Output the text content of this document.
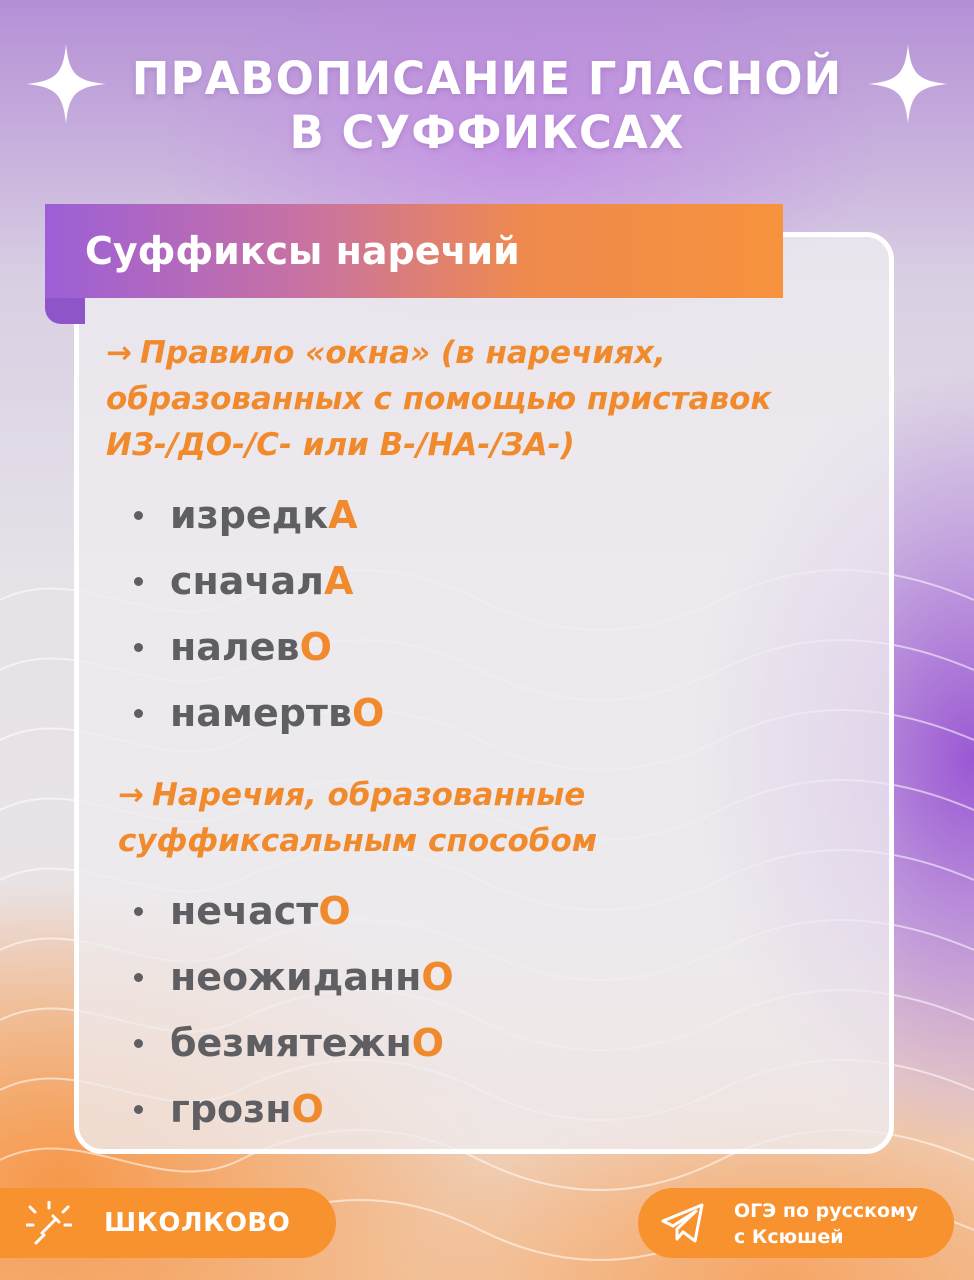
ПРАВОПИСАНИЕ ГЛАСНОЙ
В СУФФИКСАХ
Суффиксы наречий
→ Правило «окна» (в наречиях,
образованных с помощью приставок
ИЗ-/ДО-/С- или В-/НА-/ЗА-)
изредкА
сначалА
налевО
намертвО
→ Наречия, образованные
суффиксальным способом
нечастО
неожиданнО
безмятежнО
грознО
ШКОЛКОВО	ОГЭ по русскому
с Ксюшей
